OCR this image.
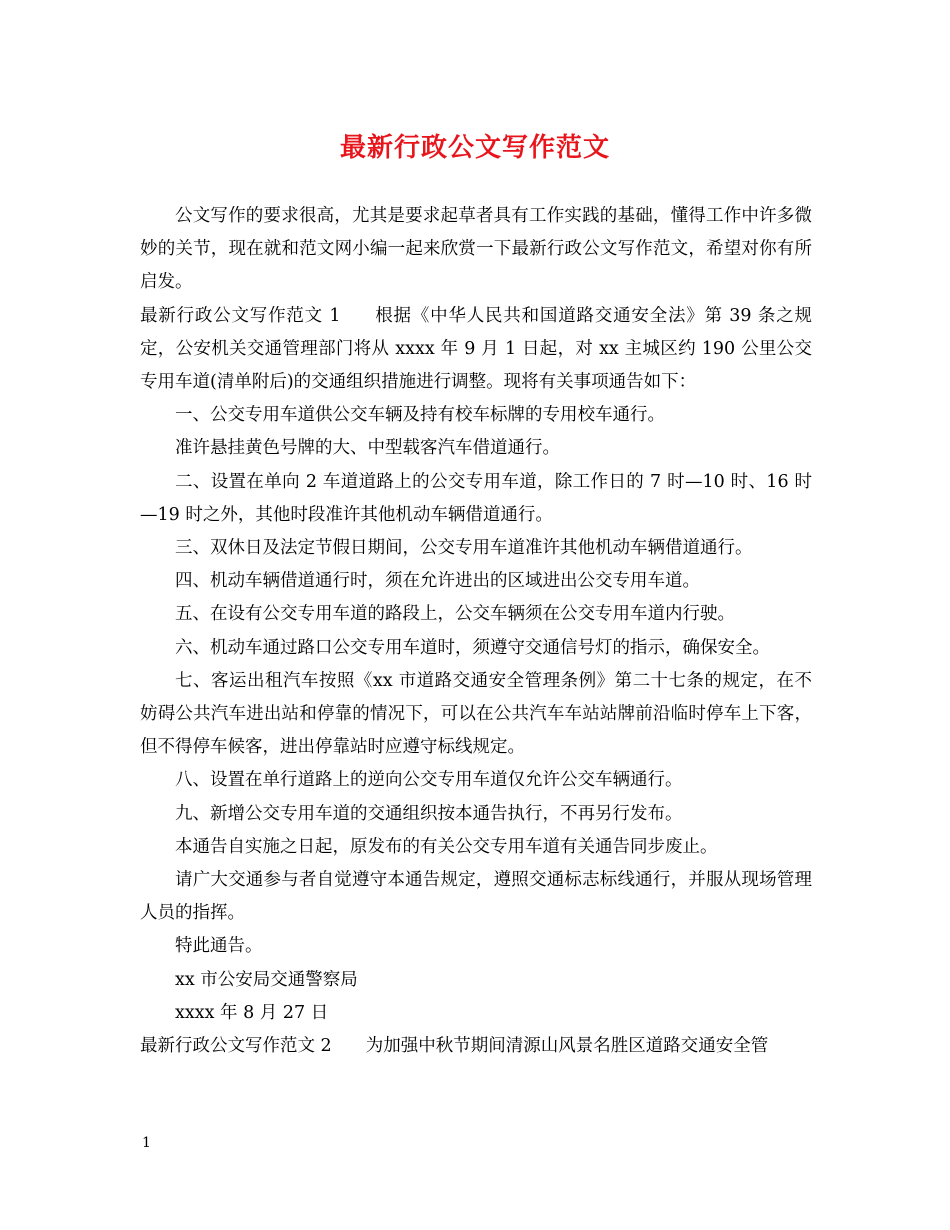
最新行政公文写作范文

公文写作的要求很高，尤其是要求起草者具有工作实践的基础，懂得工作中许多微妙的关节，现在就和范文网小编一起来欣赏一下最新行政公文写作范文，希望对你有所启发。

最新行政公文写作范文 1 根据《中华人民共和国道路交通安全法》第 39 条之规定，公安机关交通管理部门将从 xxxx 年 9 月 1 日起，对 xx 主城区约 190 公里公交专用车道(清单附后)的交通组织措施进行调整。现将有关事项通告如下：

一、公交专用车道供公交车辆及持有校车标牌的专用校车通行。

准许悬挂黄色号牌的大、中型载客汽车借道通行。

二、设置在单向 2 车道道路上的公交专用车道，除工作日的 7 时—10 时、16 时—19 时之外，其他时段准许其他机动车辆借道通行。

三、双休日及法定节假日期间，公交专用车道准许其他机动车辆借道通行。

四、机动车辆借道通行时，须在允许进出的区域进出公交专用车道。

五、在设有公交专用车道的路段上，公交车辆须在公交专用车道内行驶。

六、机动车通过路口公交专用车道时，须遵守交通信号灯的指示，确保安全。

七、客运出租汽车按照《xx 市道路交通安全管理条例》第二十七条的规定，在不妨碍公共汽车进出站和停靠的情况下，可以在公共汽车车站站牌前沿临时停车上下客，但不得停车候客，进出停靠站时应遵守标线规定。

八、设置在单行道路上的逆向公交专用车道仅允许公交车辆通行。

九、新增公交专用车道的交通组织按本通告执行，不再另行发布。

本通告自实施之日起，原发布的有关公交专用车道有关通告同步废止。

请广大交通参与者自觉遵守本通告规定，遵照交通标志标线通行，并服从现场管理人员的指挥。

特此通告。

xx 市公安局交通警察局

xxxx 年 8 月 27 日

最新行政公文写作范文 2 为加强中秋节期间清源山风景名胜区道路交通安全管

1
